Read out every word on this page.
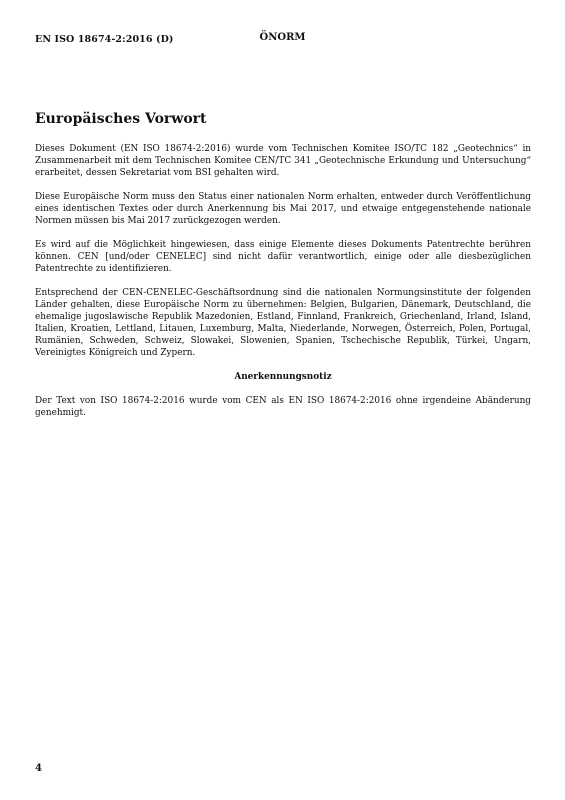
EN ISO 18674-2:2016 (D)	ÖNORM
Europäisches Vorwort

Dieses Dokument (EN ISO 18674-2:2016) wurde vom Technischen Komitee ISO/TC 182 „Geotechnics“ in Zusammenarbeit mit dem Technischen Komitee CEN/TC 341 „Geotechnische Erkundung und Untersuchung“ erarbeitet, dessen Sekretariat vom BSI gehalten wird.

Diese Europäische Norm muss den Status einer nationalen Norm erhalten, entweder durch Veröffentlichung eines identischen Textes oder durch Anerkennung bis Mai 2017, und etwaige entgegenstehende nationale Normen müssen bis Mai 2017 zurückgezogen werden.

Es wird auf die Möglichkeit hingewiesen, dass einige Elemente dieses Dokuments Patentrechte berühren können. CEN [und/oder CENELEC] sind nicht dafür verantwortlich, einige oder alle diesbezüglichen Patentrechte zu identifizieren.

Entsprechend der CEN-CENELEC-Geschäftsordnung sind die nationalen Normungsinstitute der folgenden Länder gehalten, diese Europäische Norm zu übernehmen: Belgien, Bulgarien, Dänemark, Deutschland, die ehemalige jugoslawische Republik Mazedonien, Estland, Finnland, Frankreich, Griechenland, Irland, Island, Italien, Kroatien, Lettland, Litauen, Luxemburg, Malta, Niederlande, Norwegen, Österreich, Polen, Portugal, Rumänien, Schweden, Schweiz, Slowakei, Slowenien, Spanien, Tschechische Republik, Türkei, Ungarn, Vereinigtes Königreich und Zypern.

Anerkennungsnotiz

Der Text von ISO 18674-2:2016 wurde vom CEN als EN ISO 18674-2:2016 ohne irgendeine Abänderung genehmigt.

4
